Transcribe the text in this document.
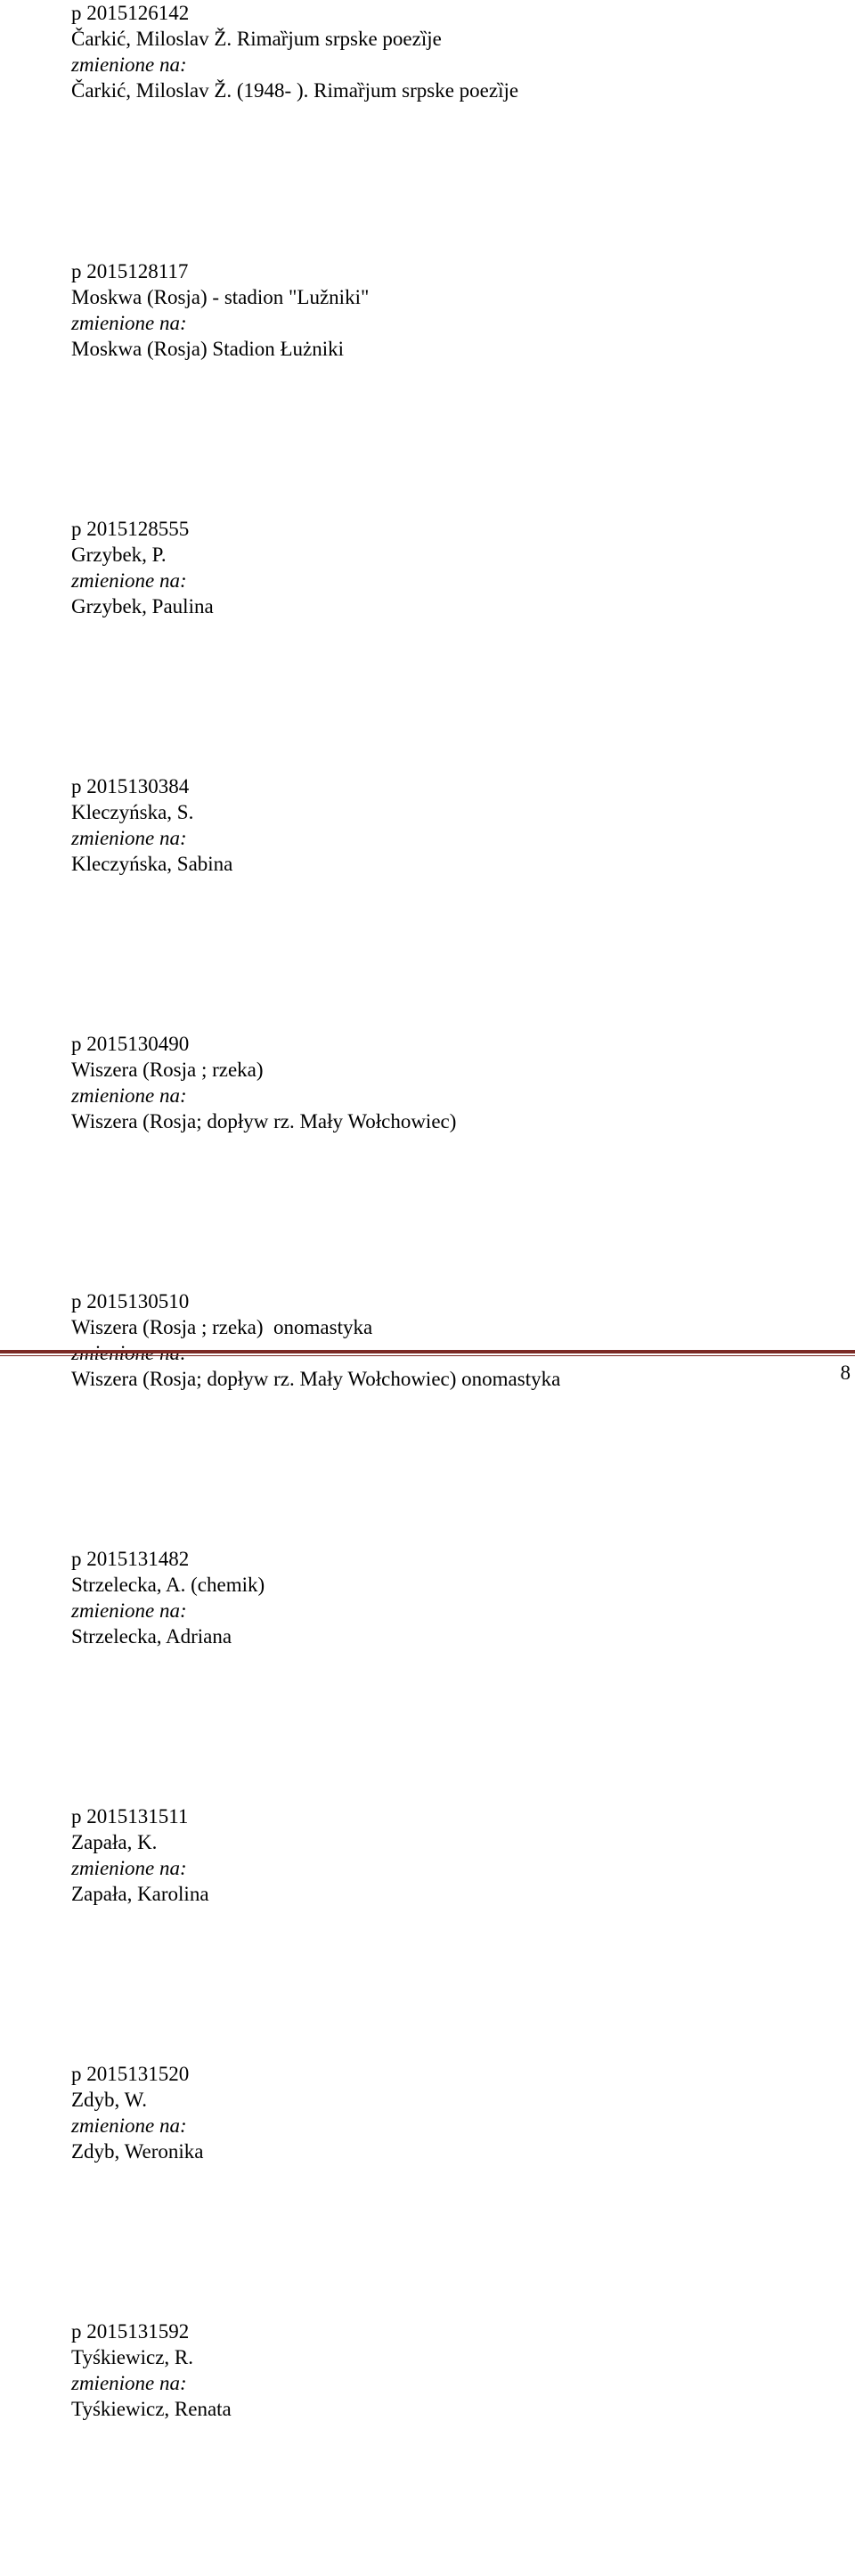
p 2015126142
Čarkić, Miloslav Ž. Rimaȑjum srpske poezȉje
zmienione na:
Čarkić, Miloslav Ž. (1948- ). Rimaȑjum srpske poezȉje
p 2015128117
Moskwa (Rosja) - stadion "Lužniki"
zmienione na:
Moskwa (Rosja) Stadion Łużniki
p 2015128555
Grzybek, P.
zmienione na:
Grzybek, Paulina
p 2015130384
Kleczyńska, S.
zmienione na:
Kleczyńska, Sabina
p 2015130490
Wiszera (Rosja ; rzeka)
zmienione na:
Wiszera (Rosja; dopływ rz. Mały Wołchowiec)
p 2015130510
Wiszera (Rosja ; rzeka)  onomastyka
Wiszera (Rosja; dopływ rz. Mały Wołchowiec) onomastyka
p 2015131482
Strzelecka, A. (chemik)
zmienione na:
Strzelecka, Adriana
p 2015131511
Zapała, K.
zmienione na:
Zapała, Karolina
p 2015131520
Zdyb, W.
zmienione na:
Zdyb, Weronika
p 2015131592
Tyśkiewicz, R.
zmienione na:
Tyśkiewicz, Renata
8
